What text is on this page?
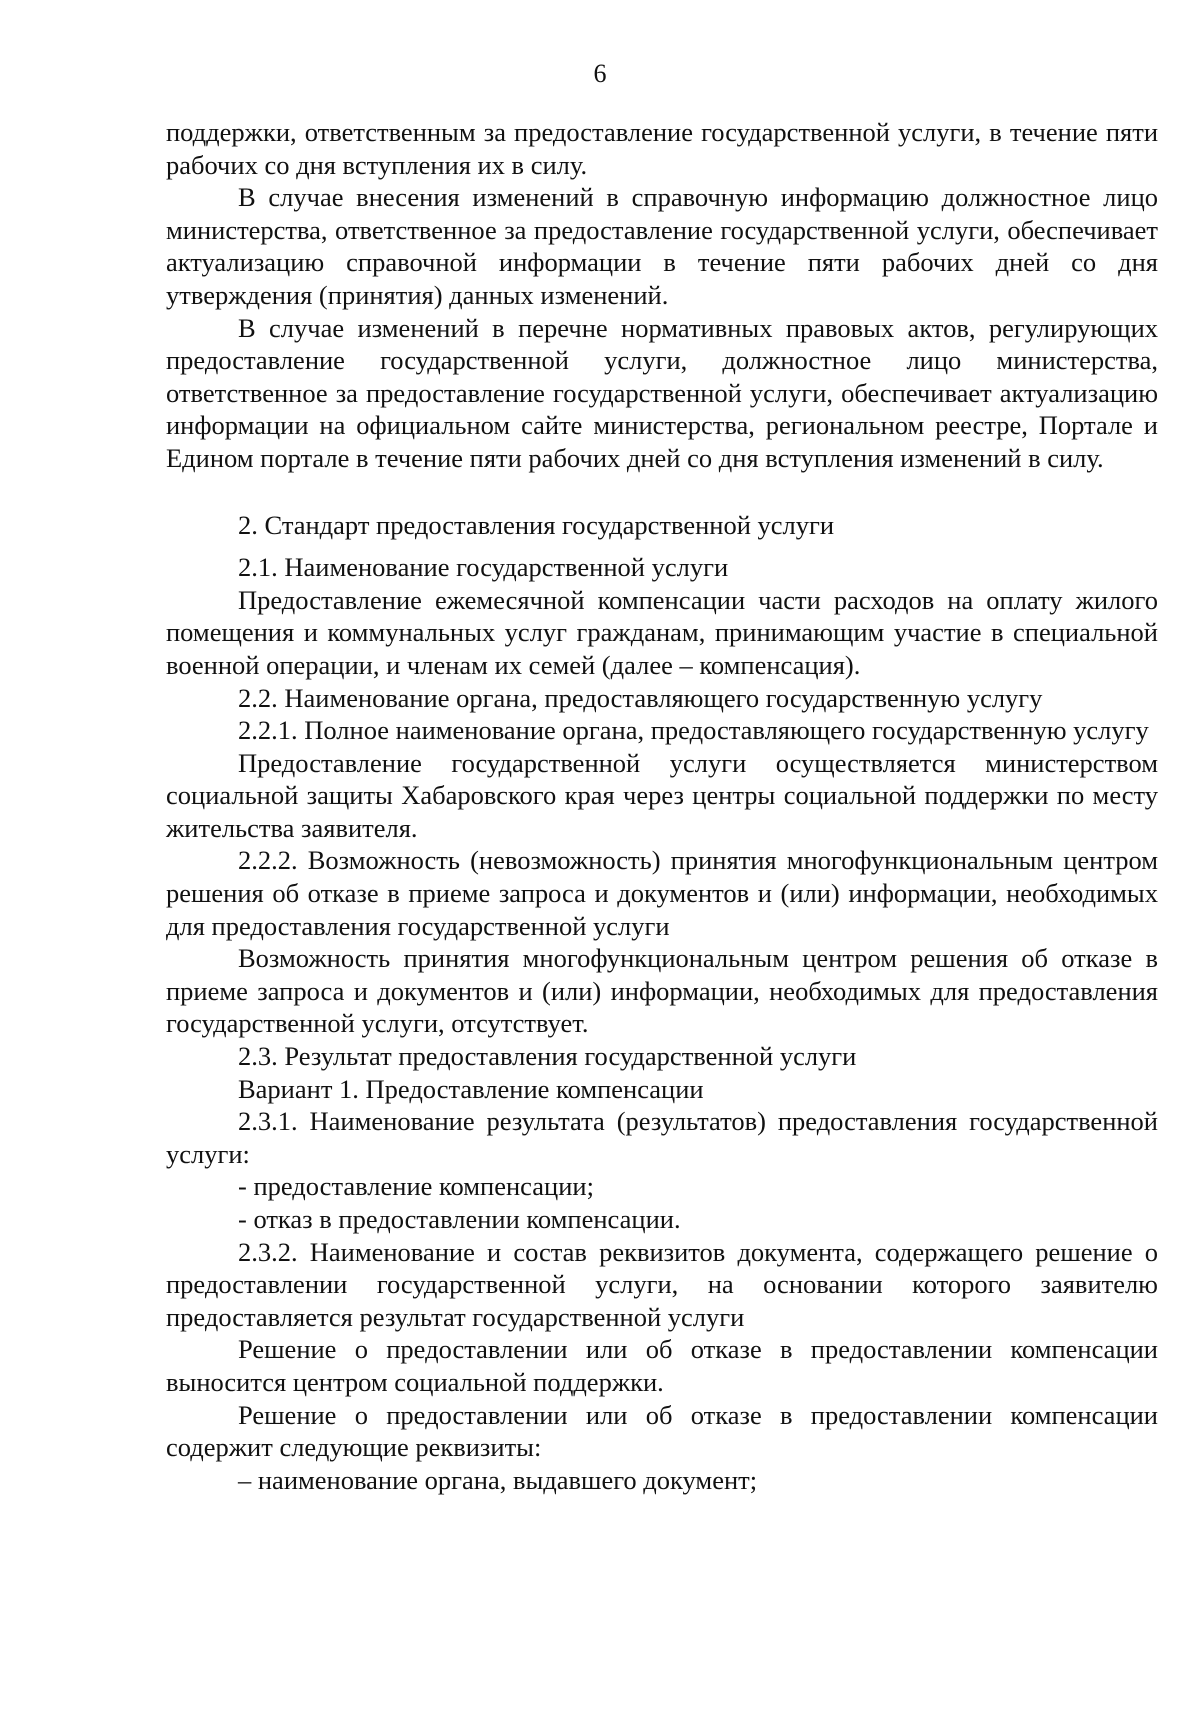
6

поддержки, ответственным за предоставление государственной услуги, в течение пяти рабочих со дня вступления их в силу.

В случае внесения изменений в справочную информацию должностное лицо министерства, ответственное за предоставление государственной услуги, обеспечивает актуализацию справочной информации в течение пяти рабочих дней со дня утверждения (принятия) данных изменений.

В случае изменений в перечне нормативных правовых актов, регулирующих предоставление государственной услуги, должностное лицо министерства, ответственное за предоставление государственной услуги, обеспечивает актуализацию информации на официальном сайте министерства, региональном реестре, Портале и Едином портале в течение пяти рабочих дней со дня вступления изменений в силу.

2. Стандарт предоставления государственной услуги

2.1. Наименование государственной услуги

Предоставление ежемесячной компенсации части расходов на оплату жилого помещения и коммунальных услуг гражданам, принимающим участие в специальной военной операции, и членам их семей (далее – компенсация).

2.2. Наименование органа, предоставляющего государственную услугу

2.2.1. Полное наименование органа, предоставляющего государственную услугу

Предоставление государственной услуги осуществляется министерством социальной защиты Хабаровского края через центры социальной поддержки по месту жительства заявителя.

2.2.2. Возможность (невозможность) принятия многофункциональным центром решения об отказе в приеме запроса и документов и (или) информации, необходимых для предоставления государственной услуги

Возможность принятия многофункциональным центром решения об отказе в приеме запроса и документов и (или) информации, необходимых для предоставления государственной услуги, отсутствует.

2.3. Результат предоставления государственной услуги

Вариант 1. Предоставление компенсации

2.3.1. Наименование результата (результатов) предоставления государственной услуги:

- предоставление компенсации;

- отказ в предоставлении компенсации.

2.3.2. Наименование и состав реквизитов документа, содержащего решение о предоставлении государственной услуги, на основании которого заявителю предоставляется результат государственной услуги

Решение о предоставлении или об отказе в предоставлении компенсации выносится центром социальной поддержки.

Решение о предоставлении или об отказе в предоставлении компенсации содержит следующие реквизиты:

– наименование органа, выдавшего документ;
